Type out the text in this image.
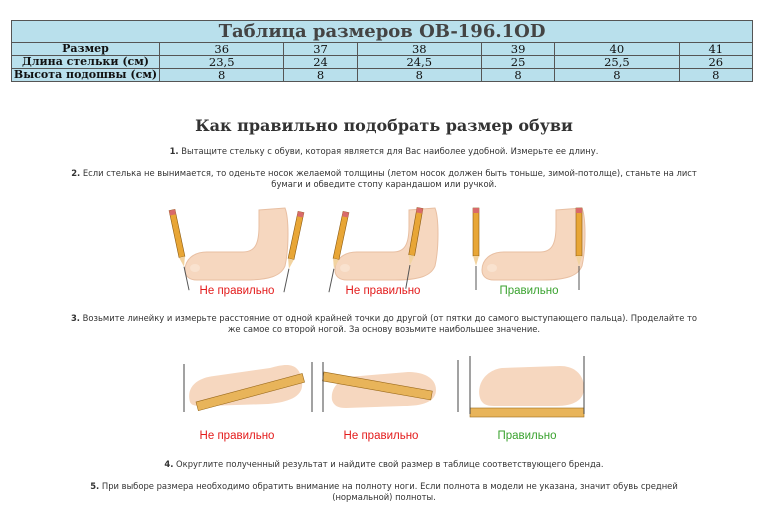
Таблица размеров OB-196.1OD						
Размер	36	37	38	39	40	41
Длина стельки (см)	23,5	24	24,5	25	25,5	26
Высота подошвы (см)	8	8	8	8	8	8
Как правильно подобрать размер обуви
1. Вытащите стельку с обуви, которая является для Вас наиболее удобной. Измерьте ее длину.
2. Если стелька не вынимается, то оденьте носок желаемой толщины (летом носок должен быть тоньше, зимой-потолще), станьте на лист
бумаги и обведите стопу карандашом или ручкой.
Не правильно	Не правильно	Правильно
3. Возьмите линейку и измерьте расстояние от одной крайней точки до другой (от пятки до самого выступающего пальца). Проделайте то
же самое со второй ногой. За основу возьмите наибольшее значение.
Не правильно	Не правильно	Правильно
4. Округлите полученный результат и найдите свой размер в таблице соответствующего бренда.
5. При выборе размера необходимо обратить внимание на полноту ноги. Если полнота в модели не указана, значит обувь средней
(нормальной) полноты.
